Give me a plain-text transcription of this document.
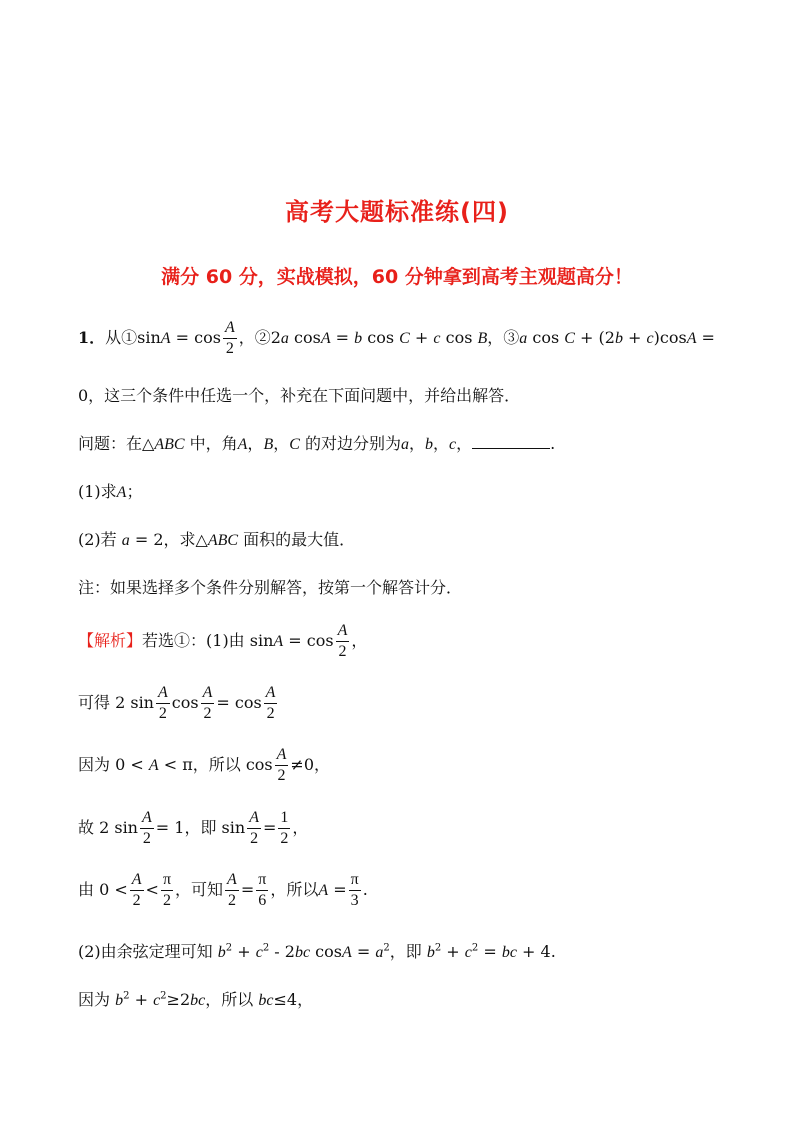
高考大题标准练(四)
满分 60 分，实战模拟，60 分钟拿到高考主观题高分！
1．从①sinA = $\cos \frac{A}{2}$ ，②2a cosA = b cos C + c cos B，③a cos C + (2b + c)cosA =
0，这三个条件中任选一个，补充在下面问题中，并给出解答．
问题：在△ABC 中，角A，B，C 的对边分别为a，b，c，	.
(1)求A；
(2)若 a = 2，求△ABC 面积的最大值．
注：如果选择多个条件分别解答，按第一个解答计分．
【解析】若选①：(1)由 $\sin A = \cos \frac{A}{2}$ ，
可得 2 $\sin \frac{A}{2}$ $\cos \frac{A}{2} = \cos \frac{A}{2}$
因为 0 < A < π，所以 $\cos \frac{A}{2} \ne 0$，
故 2 $\sin \frac{A}{2} = 1$，即 $\sin \frac{A}{2} = \frac{1}{2}$ ，
由 $0 < \frac{A}{2} < \frac{\pi}{2}$ ，可知 $\frac{A}{2} = \frac{\pi}{6}$ ，所以$A = \frac{\pi}{3}$ .
(2)由余弦定理可知 $b^2 + c^2 - 2bc$ $\cos A = a^2$，即 $b^2 + c^2$ = bc + 4.
因为 $b^2 + c^2\ge 2bc$，所以 bc≤4，
